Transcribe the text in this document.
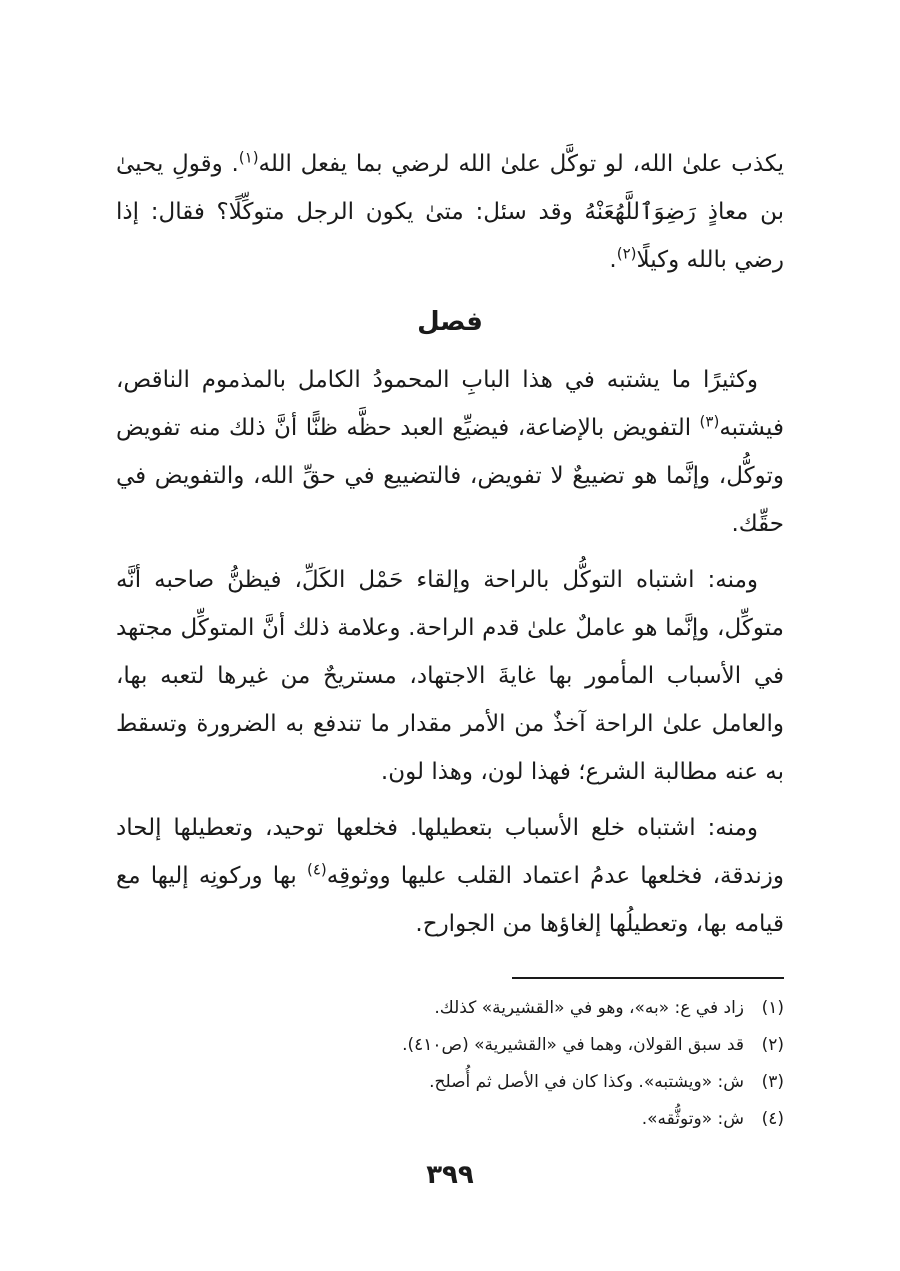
يكذب علىٰ الله، لو توكَّل علىٰ الله لرضي بما يفعل الله$^{(١)}$. وقولِ يحيىٰ بن معاذٍ رَضِوَٱللَّهُعَنْهُ وقد سئل: متىٰ يكون الرجل متوكِّلًا؟ فقال: إذا رضي بالله وكيلًا$^{(٢)}$.

فصل

وكثيرًا ما يشتبه في هذا البابِ المحمودُ الكامل بالمذموم الناقص، فيشتبه$^{(٣)}$ التفويض بالإضاعة، فيضيِّع العبد حظَّه ظنًّا أنَّ ذلك منه تفويض وتوكُّل، وإنَّما هو تضييعٌ لا تفويض، فالتضييع في حقِّ الله، والتفويض في حقِّك.

ومنه: اشتباه التوكُّل بالراحة وإلقاء حَمْل الكَلِّ، فيظنُّ صاحبه أنَّه متوكِّل، وإنَّما هو عاملٌ علىٰ قدم الراحة. وعلامة ذلك أنَّ المتوكِّل مجتهد في الأسباب المأمور بها غايةَ الاجتهاد، مستريحٌ من غيرها لتعبه بها، والعامل علىٰ الراحة آخذٌ من الأمر مقدار ما تندفع به الضرورة وتسقط به عنه مطالبة الشرع؛ فهذا لون، وهذا لون.

ومنه: اشتباه خلع الأسباب بتعطيلها. فخلعها توحيد، وتعطيلها إلحاد وزندقة، فخلعها عدمُ اعتماد القلب عليها ووثوقِه$^{(٤)}$ بها وركونِه إليها مع قيامه بها، وتعطيلُها إلغاؤها من الجوارح.

(١)زاد في ع: «به»، وهو في «القشيرية» كذلك.
(٢)قد سبق القولان، وهما في «القشيرية» (ص٤١٠).
(٣)ش: «ويشتبه». وكذا كان في الأصل ثم أُصلح.
(٤)ش: «وتوثُّقه».
٣٩٩
